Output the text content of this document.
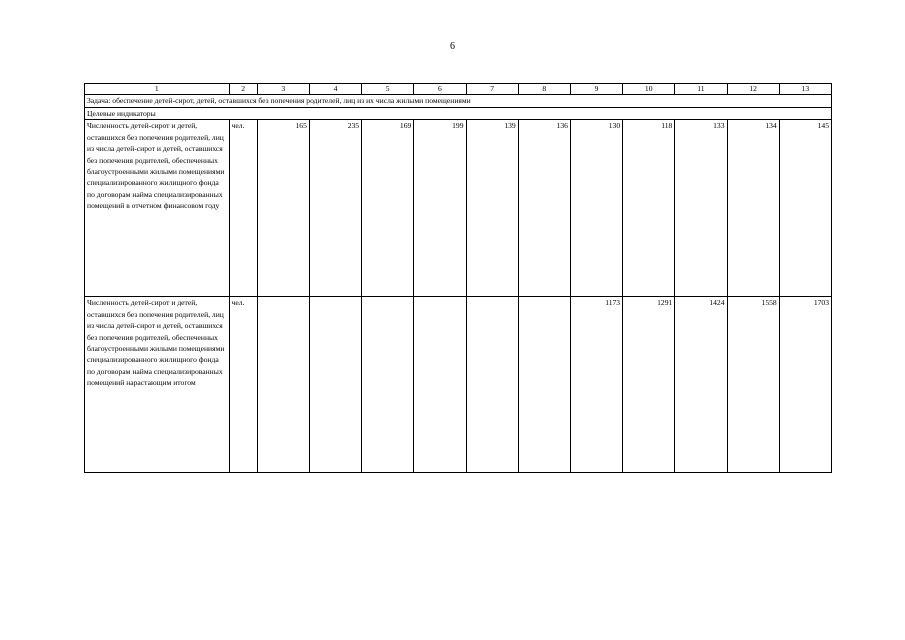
6
1	2	3	4	5	6	7	8	9	10	11	12	13
Задача: обеспечение детей-сирот, детей, оставшихся без попечения родителей, лиц из их числа жилыми помещениями												
Целевые индикаторы												
Численность детей-сирот и детей, оставшихся без попечения родителей, лиц из числа детей-сирот и детей, оставшихся без попечения родителей, обеспеченных благоустроенными жилыми помещениями специализированного жилищного фонда по договорам найма специализированных помещений в отчетном финансовом году	чел.	165	235	169	199	139	136	130	118	133	134	145
Численность детей-сирот и детей, оставшихся без попечения родителей, лиц из числа детей-сирот и детей, оставшихся без попечения родителей, обеспеченных благоустроенными жилыми помещениями специализированного жилищного фонда по договорам найма специализированных помещений нарастающим итогом	чел.							1173	1291	1424	1558	1703
